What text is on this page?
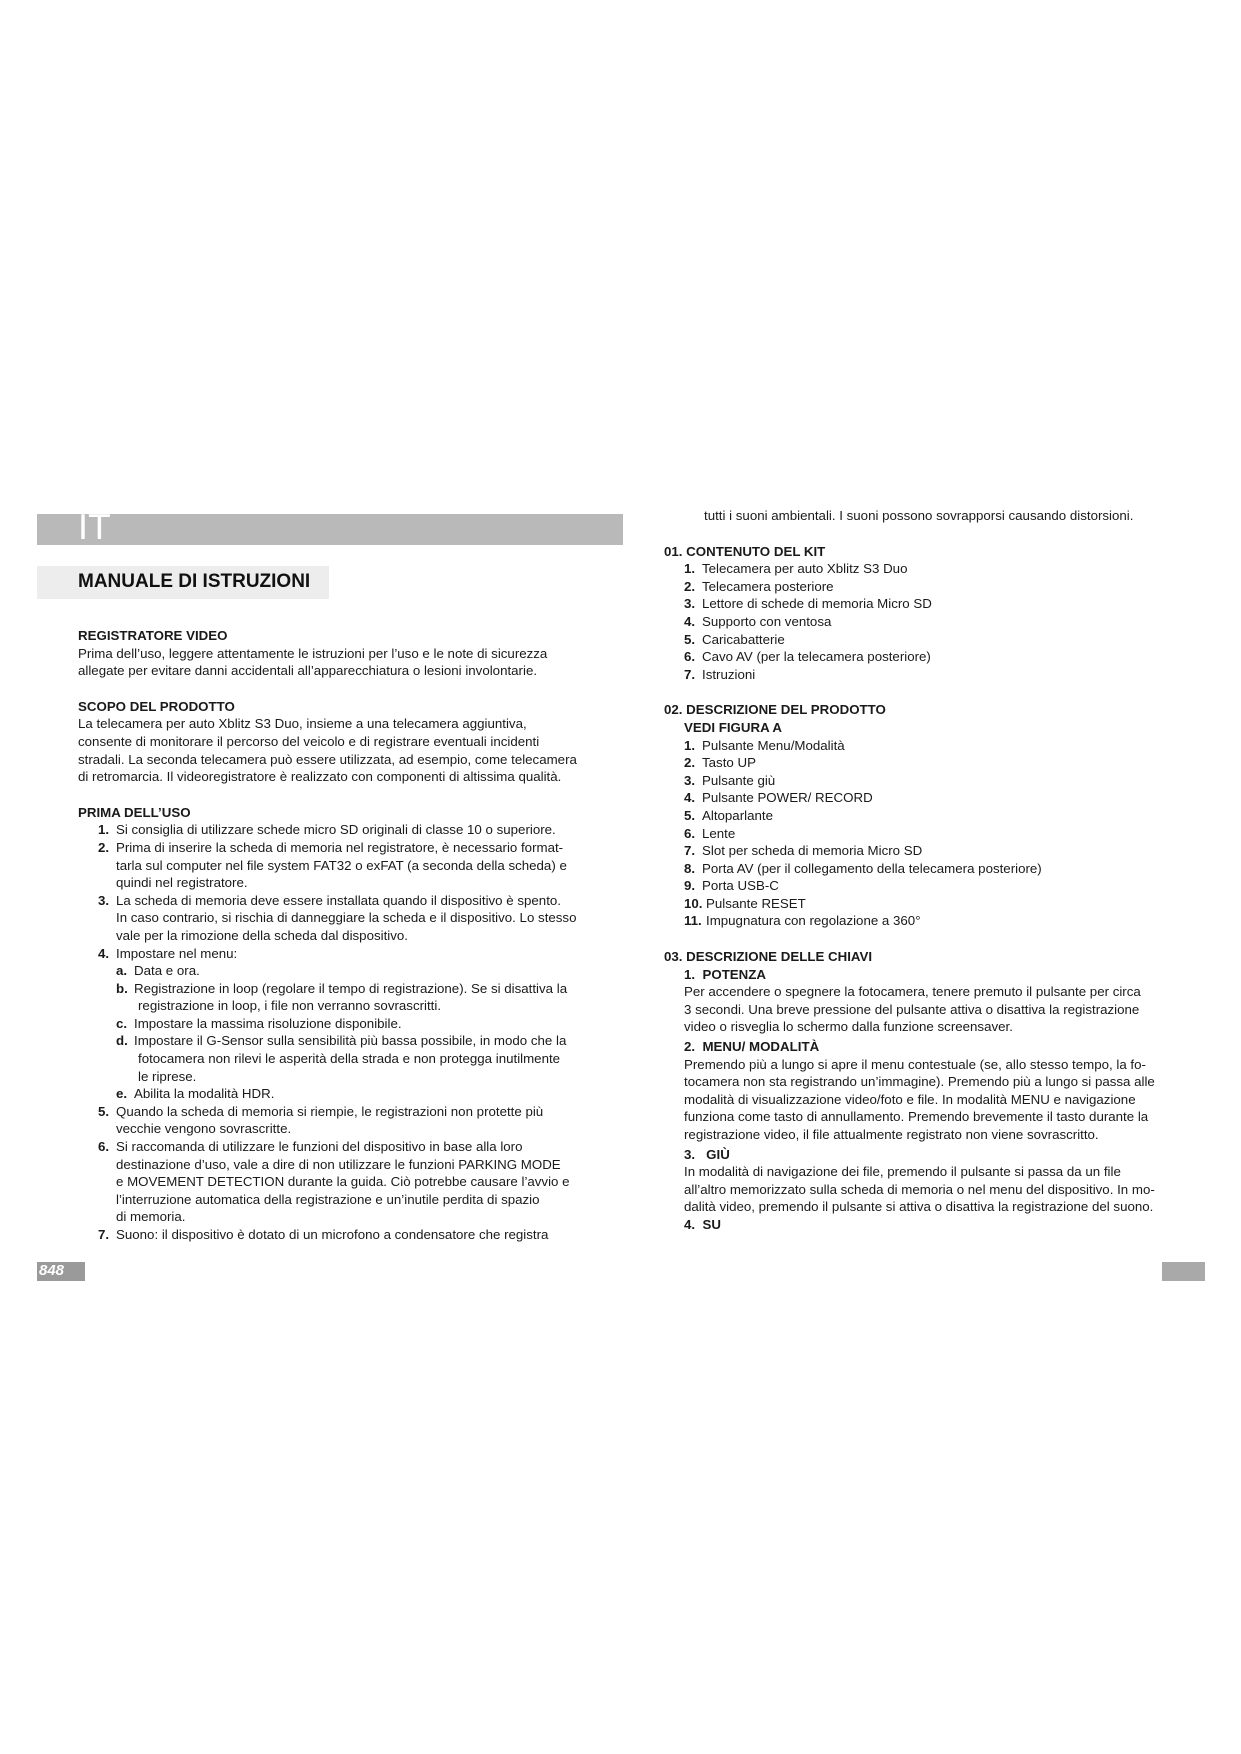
IT
MANUALE DI ISTRUZIONI

REGISTRATORE VIDEO

Prima dell’uso, leggere attentamente le istruzioni per l’uso e le note di sicurezza

allegate per evitare danni accidentali all’apparecchiatura o lesioni involontarie.

SCOPO DEL PRODOTTO

La telecamera per auto Xblitz S3 Duo, insieme a una telecamera aggiuntiva,

consente di monitorare il percorso del veicolo e di registrare eventuali incidenti

stradali. La seconda telecamera può essere utilizzata, ad esempio, come telecamera

di retromarcia. Il videoregistratore è realizzato con componenti di altissima qualità.

PRIMA DELL’USO

1. Si consiglia di utilizzare schede micro SD originali di classe 10 o superiore.

2. Prima di inserire la scheda di memoria nel registratore, è necessario format-

tarla sul computer nel file system FAT32 o exFAT (a seconda della scheda) e

quindi nel registratore.

3. La scheda di memoria deve essere installata quando il dispositivo è spento.

In caso contrario, si rischia di danneggiare la scheda e il dispositivo. Lo stesso

vale per la rimozione della scheda dal dispositivo.

4. Impostare nel menu:

a. Data e ora.

b. Registrazione in loop (regolare il tempo di registrazione). Se si disattiva la

registrazione in loop, i file non verranno sovrascritti.

c. Impostare la massima risoluzione disponibile.

d. Impostare il G-Sensor sulla sensibilità più bassa possibile, in modo che la

fotocamera non rilevi le asperità della strada e non protegga inutilmente

le riprese.

e. Abilita la modalità HDR.

5. Quando la scheda di memoria si riempie, le registrazioni non protette più

vecchie vengono sovrascritte.

6. Si raccomanda di utilizzare le funzioni del dispositivo in base alla loro

destinazione d’uso, vale a dire di non utilizzare le funzioni PARKING MODE

e MOVEMENT DETECTION durante la guida. Ciò potrebbe causare l’avvio e

l’interruzione automatica della registrazione e un’inutile perdita di spazio

di memoria.

7. Suono: il dispositivo è dotato di un microfono a condensatore che registra

tutti i suoni ambientali. I suoni possono sovrapporsi causando distorsioni.

01. CONTENUTO DEL KIT

1. Telecamera per auto Xblitz S3 Duo

2. Telecamera posteriore

3. Lettore di schede di memoria Micro SD

4. Supporto con ventosa

5. Caricabatterie

6. Cavo AV (per la telecamera posteriore)

7. Istruzioni

02. DESCRIZIONE DEL PRODOTTO

VEDI FIGURA A

1. Pulsante Menu/Modalità

2. Tasto UP

3. Pulsante giù

4. Pulsante POWER/ RECORD

5. Altoparlante

6. Lente

7. Slot per scheda di memoria Micro SD

8. Porta AV (per il collegamento della telecamera posteriore)

9. Porta USB-C

10. Pulsante RESET

11. Impugnatura con regolazione a 360°

03. DESCRIZIONE DELLE CHIAVI

1.  POTENZA

Per accendere o spegnere la fotocamera, tenere premuto il pulsante per circa

3 secondi. Una breve pressione del pulsante attiva o disattiva la registrazione

video o risveglia lo schermo dalla funzione screensaver.

2.  MENU/ MODALITÀ

Premendo più a lungo si apre il menu contestuale (se, allo stesso tempo, la fo-

tocamera non sta registrando un’immagine). Premendo più a lungo si passa alle

modalità di visualizzazione video/foto e file. In modalità MENU e navigazione

funziona come tasto di annullamento. Premendo brevemente il tasto durante la

registrazione video, il file attualmente registrato non viene sovrascritto.

3.   GIÙ

In modalità di navigazione dei file, premendo il pulsante si passa da un file

all’altro memorizzato sulla scheda di memoria o nel menu del dispositivo. In mo-

dalità video, premendo il pulsante si attiva o disattiva la registrazione del suono.

4.  SU

848
